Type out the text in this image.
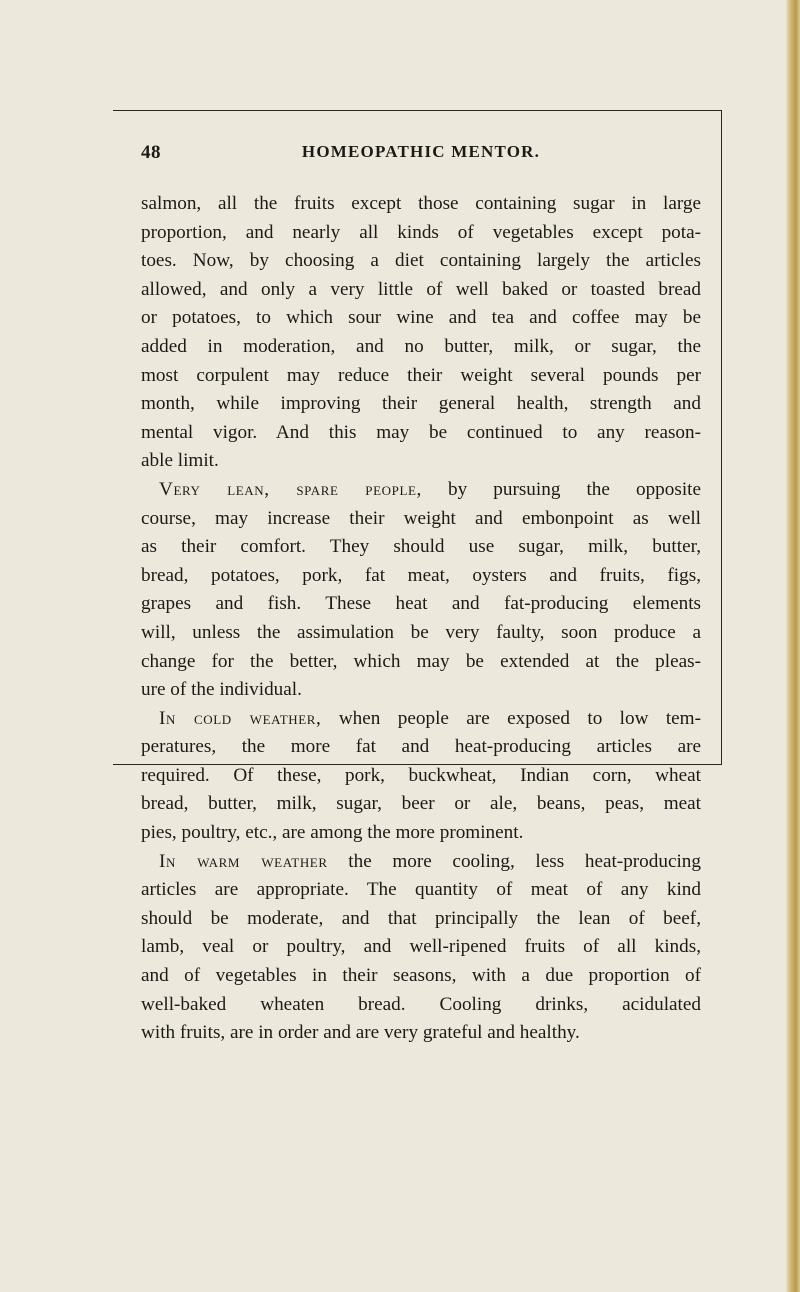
48	HOMEOPATHIC MENTOR.
salmon, all the fruits except those containing sugar in large
proportion, and nearly all kinds of vegetables except pota-
toes. Now, by choosing a diet containing largely the articles
allowed, and only a very little of well baked or toasted bread
or potatoes, to which sour wine and tea and coffee may be
added in moderation, and no butter, milk, or sugar, the
most corpulent may reduce their weight several pounds per
month, while improving their general health, strength and
mental vigor. And this may be continued to any reason-
able limit.
Very lean, spare people, by pursuing the opposite
course, may increase their weight and embonpoint as well
as their comfort. They should use sugar, milk, butter,
bread, potatoes, pork, fat meat, oysters and fruits, figs,
grapes and fish. These heat and fat-producing elements
will, unless the assimulation be very faulty, soon produce a
change for the better, which may be extended at the pleas-
ure of the individual.
In cold weather, when people are exposed to low tem-
peratures, the more fat and heat-producing articles are
required. Of these, pork, buckwheat, Indian corn, wheat
bread, butter, milk, sugar, beer or ale, beans, peas, meat
pies, poultry, etc., are among the more prominent.
In warm weather the more cooling, less heat-producing
articles are appropriate. The quantity of meat of any kind
should be moderate, and that principally the lean of beef,
lamb, veal or poultry, and well-ripened fruits of all kinds,
and of vegetables in their seasons, with a due proportion of
well-baked wheaten bread. Cooling drinks, acidulated
with fruits, are in order and are very grateful and healthy.
